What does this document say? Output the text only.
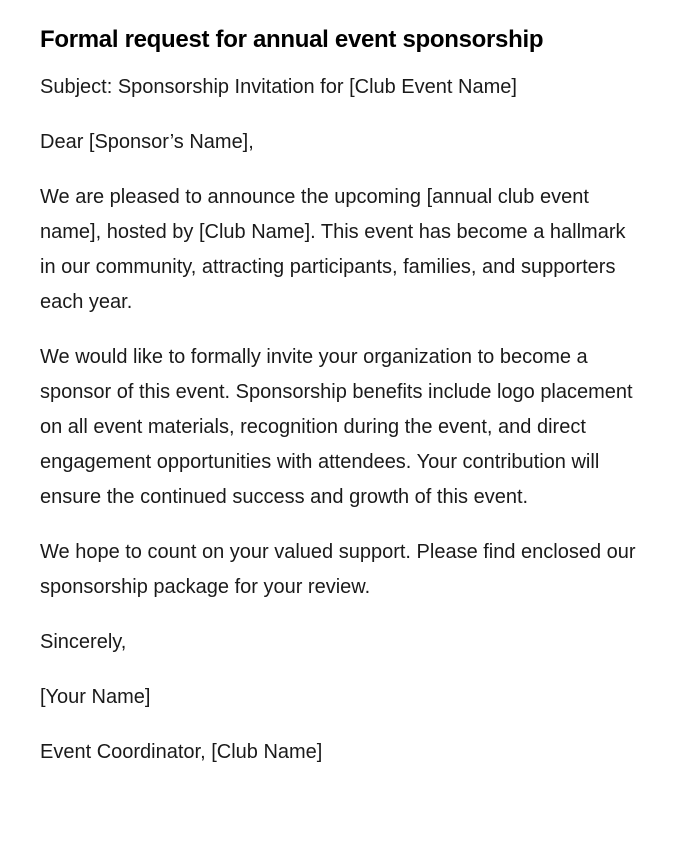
Formal request for annual event sponsorship

Subject: Sponsorship Invitation for [Club Event Name]

Dear [Sponsor’s Name],

We are pleased to announce the upcoming [annual club event name], hosted by [Club Name]. This event has become a hallmark in our community, attracting participants, families, and supporters each year.

We would like to formally invite your organization to become a sponsor of this event. Sponsorship benefits include logo placement on all event materials, recognition during the event, and direct engagement opportunities with attendees. Your contribution will ensure the continued success and growth of this event.

We hope to count on your valued support. Please find enclosed our sponsorship package for your review.

Sincerely,

[Your Name]

Event Coordinator, [Club Name]
